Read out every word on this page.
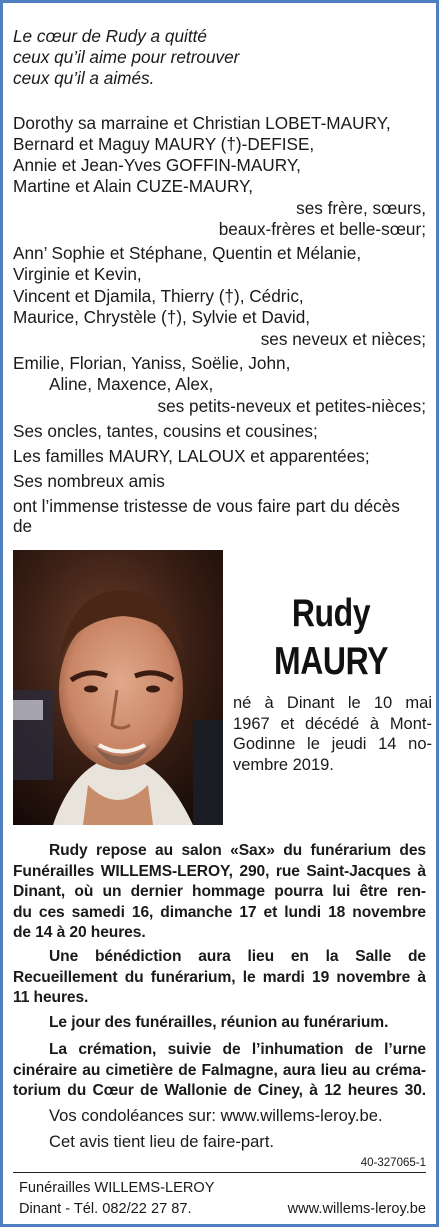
Le cœur de Rudy a quitté
ceux qu’il aime pour retrouver
ceux qu’il a aimés.
Dorothy sa marraine et Christian LOBET-MAURY,
Bernard et Maguy MAURY (†)-DEFISE,
Annie et Jean-Yves GOFFIN-MAURY,
Martine et Alain CUZE-MAURY,
ses frère, sœurs,
beaux-frères et belle-sœur;
Ann’ Sophie et Stéphane, Quentin et Mélanie,
Virginie et Kevin,
Vincent et Djamila, Thierry (†), Cédric,
Maurice, Chrystèle (†), Sylvie et David,
ses neveux et nièces;
Emilie, Florian, Yaniss, Soëlie, John,
Aline, Maxence, Alex,
ses petits-neveux et petites-nièces;
Ses oncles, tantes, cousins et cousines;
Les familles MAURY, LALOUX et apparentées;
Ses nombreux amis
ont l’immense tristesse de vous faire part du décès
de
Rudy
MAURY
né à Dinant le 10 mai
1967 et décédé à Mont-
Godinne le jeudi 14 no-
vembre 2019.
Rudy repose au salon «Sax» du funérarium des
Funérailles WILLEMS-LEROY, 290, rue Saint-Jacques à
Dinant, où un dernier hommage pourra lui être ren-
du ces samedi 16, dimanche 17 et lundi 18 novembre
de 14 à 20 heures.
Une bénédiction aura lieu en la Salle de
Recueillement du funérarium, le mardi 19 novembre à
11 heures.
Le jour des funérailles, réunion au funérarium.
La crémation, suivie de l’inhumation de l’urne
cinéraire au cimetière de Falmagne, aura lieu au créma-
torium du Cœur de Wallonie de Ciney, à 12 heures 30.
Vos condoléances sur: www.willems-leroy.be.
Cet avis tient lieu de faire-part.
40-327065-1
Funérailles WILLEMS-LEROY
Dinant - Tél. 082/22 27 87.	www.willems-leroy.be
